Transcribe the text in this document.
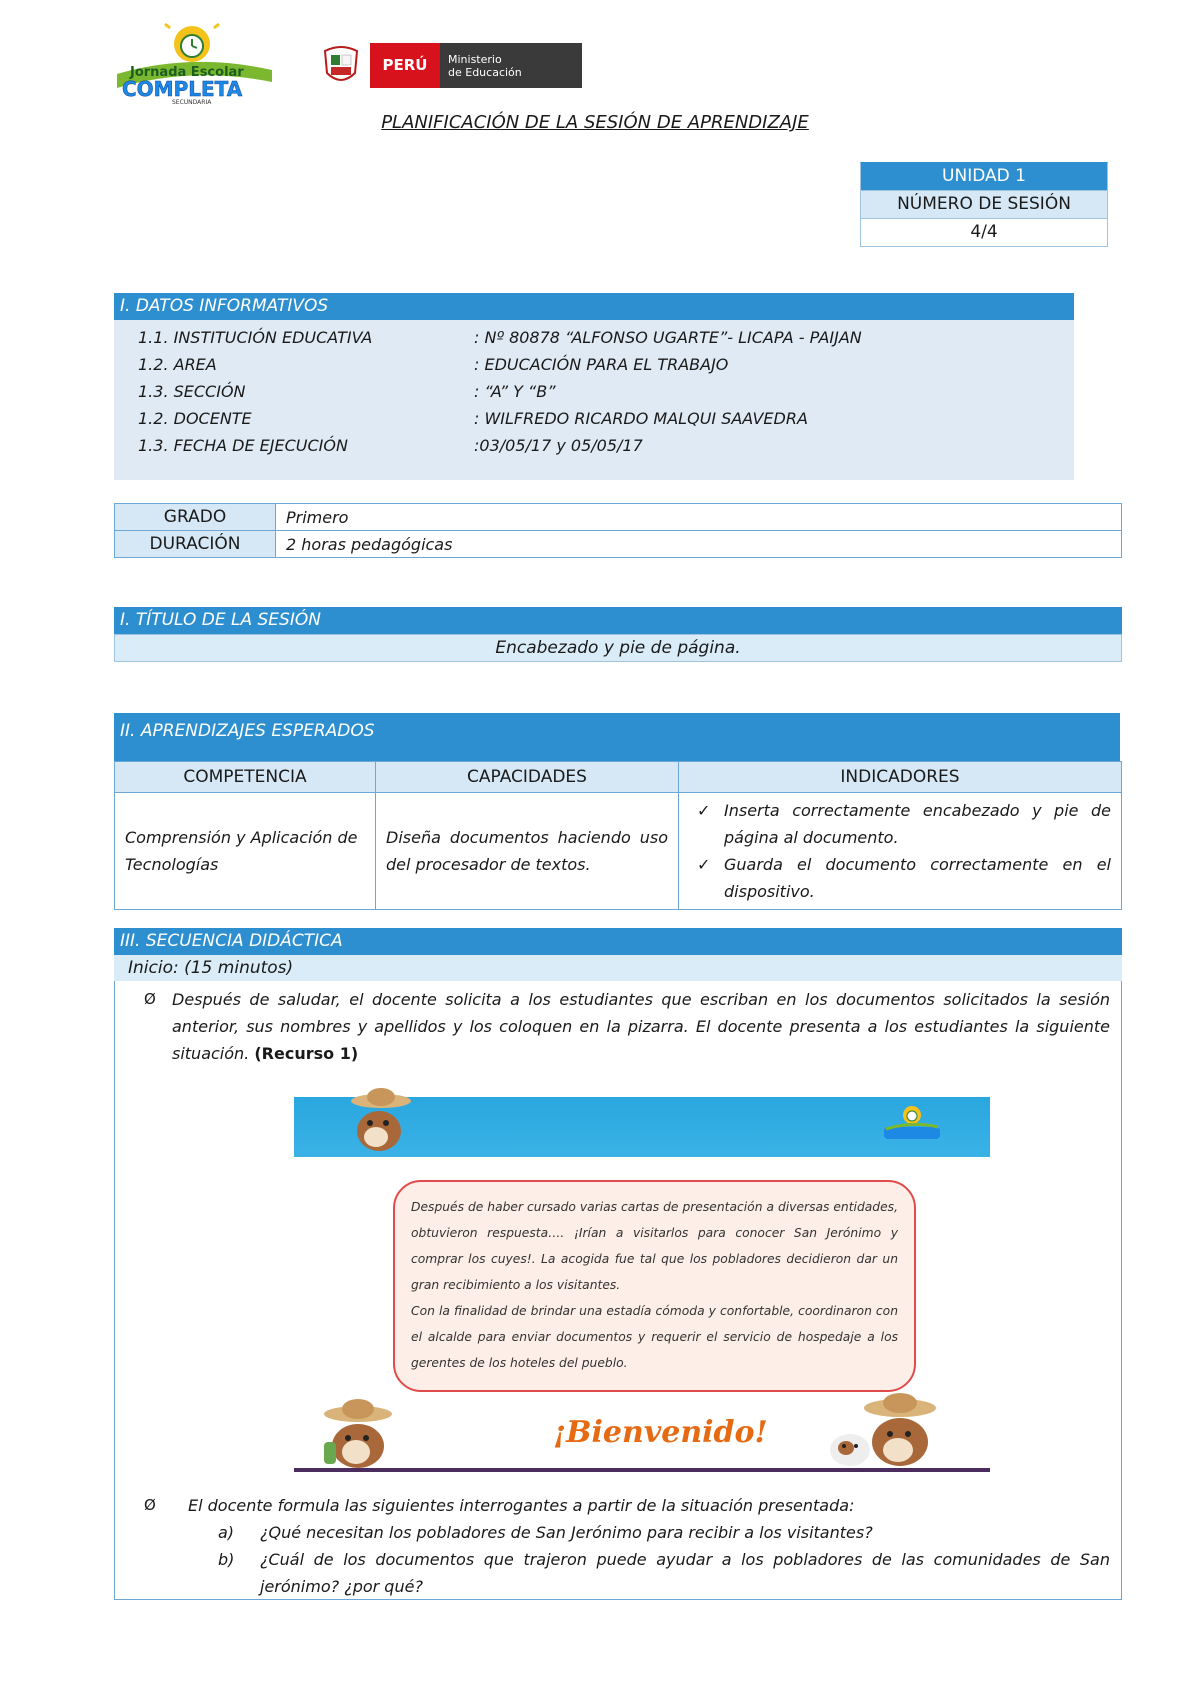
Jornada Escolar
COMPLETA
SECUNDARIA
PERÚ	Ministerio
de Educación
PLANIFICACIÓN DE LA SESIÓN DE APRENDIZAJE
UNIDAD 1
NÚMERO DE SESIÓN
4/4
I. DATOS INFORMATIVOS
1.1. INSTITUCIÓN EDUCATIVA	: Nº 80878 “ALFONSO UGARTE”- LICAPA - PAIJAN
1.2. AREA	: EDUCACIÓN PARA EL TRABAJO
1.3. SECCIÓN	: “A” Y “B”
1.2. DOCENTE	: WILFREDO RICARDO MALQUI SAAVEDRA
1.3. FECHA DE EJECUCIÓN	:03/05/17 y 05/05/17
GRADO	Primero
DURACIÓN	2 horas pedagógicas
I. TÍTULO DE LA SESIÓN
Encabezado y pie de página.
II. APRENDIZAJES ESPERADOS
COMPETENCIA	CAPACIDADES	INDICADORES
Comprensión y Aplicación de Tecnologías	Diseña documentos haciendo uso del procesador de textos.	✓ Inserta correctamente encabezado y pie de página al documento.
✓ Guarda el documento correctamente en el dispositivo.
III. SECUENCIA DIDÁCTICA
Inicio: (15 minutos)
Ø Después de saludar, el docente solicita a los estudiantes que escriban en los documentos solicitados la sesión anterior, sus nombres y apellidos y los coloquen en la pizarra. El docente presenta a los estudiantes la siguiente situación. (Recurso 1)
Después de haber cursado varias cartas de presentación a diversas entidades, obtuvieron respuesta…. ¡Irían a visitarlos para conocer San Jerónimo y comprar los cuyes!. La acogida fue tal que los pobladores decidieron dar un gran recibimiento a los visitantes.
Con la finalidad de brindar una estadía cómoda y confortable, coordinaron con el alcalde para enviar documentos y requerir el servicio de hospedaje a los gerentes de los hoteles del pueblo.
¡Bienvenido!
Ø El docente formula las siguientes interrogantes a partir de la situación presentada:
a) ¿Qué necesitan los pobladores de San Jerónimo para recibir a los visitantes?
b) ¿Cuál de los documentos que trajeron puede ayudar a los pobladores de las comunidades de San jerónimo? ¿por qué?
